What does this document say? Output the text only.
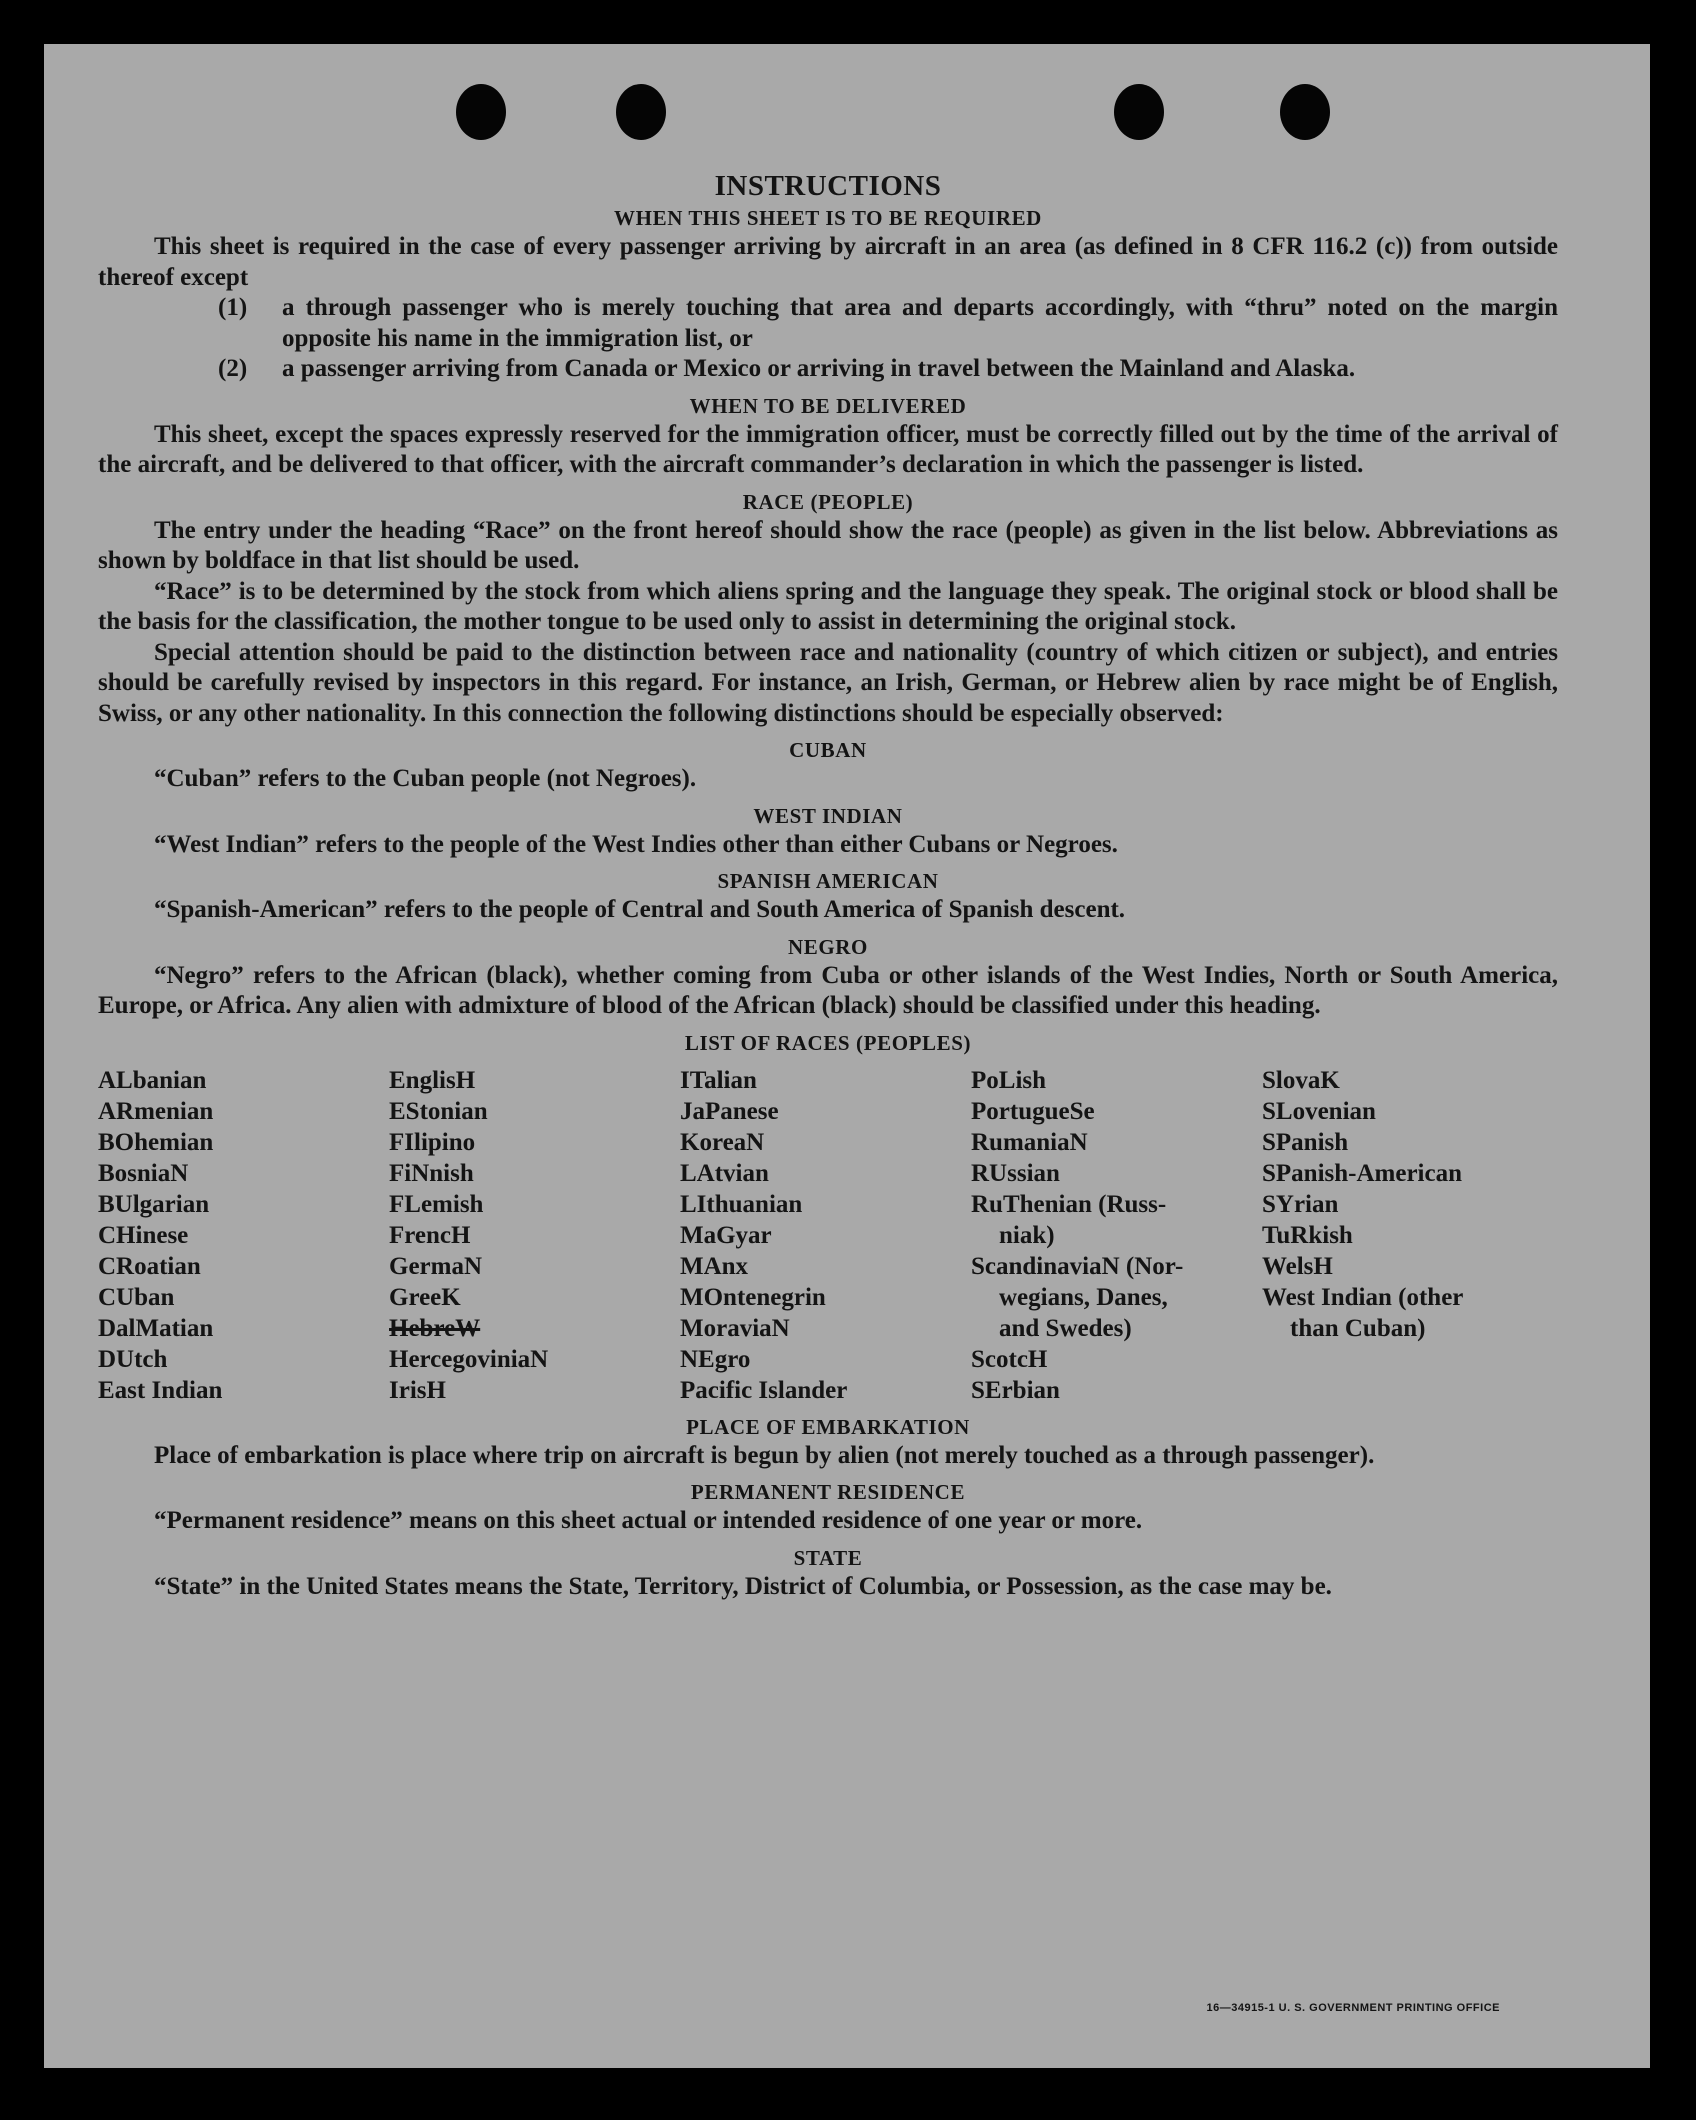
INSTRUCTIONS
WHEN THIS SHEET IS TO BE REQUIRED
This sheet is required in the case of every passenger arriving by aircraft in an area (as defined in 8 CFR 116.2 (c)) from outside thereof except
(1)	a through passenger who is merely touching that area and departs accordingly, with “thru” noted on the margin opposite his name in the immigration list, or
(2)	a passenger arriving from Canada or Mexico or arriving in travel between the Mainland and Alaska.
WHEN TO BE DELIVERED
This sheet, except the spaces expressly reserved for the immigration officer, must be correctly filled out by the time of the arrival of the aircraft, and be delivered to that officer, with the aircraft commander’s declaration in which the passenger is listed.
RACE (PEOPLE)
The entry under the heading “Race” on the front hereof should show the race (people) as given in the list below. Abbreviations as shown by boldface in that list should be used.
“Race” is to be determined by the stock from which aliens spring and the language they speak. The original stock or blood shall be the basis for the classification, the mother tongue to be used only to assist in determining the original stock.
Special attention should be paid to the distinction between race and nationality (country of which citizen or subject), and entries should be carefully revised by inspectors in this regard. For instance, an Irish, German, or Hebrew alien by race might be of English, Swiss, or any other nationality. In this connection the following distinctions should be especially observed:
CUBAN
“Cuban” refers to the Cuban people (not Negroes).
WEST INDIAN
“West Indian” refers to the people of the West Indies other than either Cubans or Negroes.
SPANISH AMERICAN
“Spanish-American” refers to the people of Central and South America of Spanish descent.
NEGRO
“Negro” refers to the African (black), whether coming from Cuba or other islands of the West Indies, North or South America, Europe, or Africa. Any alien with admixture of blood of the African (black) should be classified under this heading.
LIST OF RACES (PEOPLES)
ALbanian
ARmenian
BOhemian
BosniaN
BUlgarian
CHinese
CRoatian
CUban
DalMatian
DUtch
East Indian
EnglisH
EStonian
FIlipino
FiNnish
FLemish
FrencH
GermaN
GreeK
HebreW
HercegoviniaN
IrisH
ITalian
JaPanese
KoreaN
LAtvian
LIthuanian
MaGyar
MAnx
MOntenegrin
MoraviaN
NEgro
Pacific Islander
PoLish
PortugueSe
RumaniaN
RUssian
RuThenian (Russ-
niak)
ScandinaviaN (Nor-
wegians, Danes,
and Swedes)
ScotcH
SErbian
SlovaK
SLovenian
SPanish
SPanish-American
SYrian
TuRkish
WelsH
West Indian (other
than Cuban)
PLACE OF EMBARKATION
Place of embarkation is place where trip on aircraft is begun by alien (not merely touched as a through passenger).
PERMANENT RESIDENCE
“Permanent residence” means on this sheet actual or intended residence of one year or more.
STATE
“State” in the United States means the State, Territory, District of Columbia, or Possession, as the case may be.
16—34915-1 U. S. GOVERNMENT PRINTING OFFICE
